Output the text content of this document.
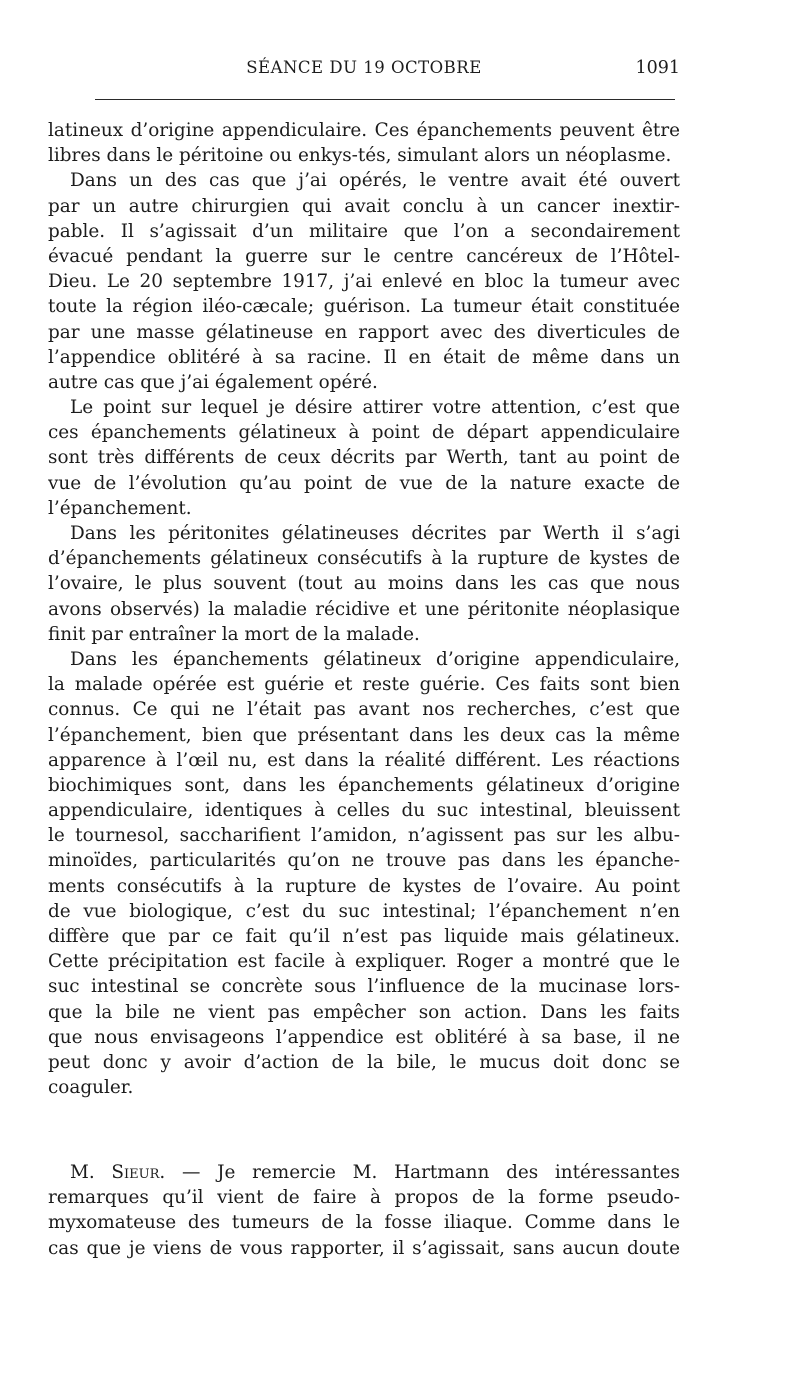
SÉANCE DU 19 OCTOBRE	1091
latineux d’origine appendiculaire. Ces épanchements peuvent être
libres dans le péritoine ou enkys-tés, simulant alors un néoplasme.
Dans un des cas que j’ai opérés, le ventre avait été ouvert
par un autre chirurgien qui avait conclu à un cancer inextir-
pable. Il s’agissait d’un militaire que l’on a secondairement
évacué pendant la guerre sur le centre cancéreux de l’Hôtel-
Dieu. Le 20 septembre 1917, j’ai enlevé en bloc la tumeur avec
toute la région iléo-cæcale; guérison. La tumeur était constituée
par une masse gélatineuse en rapport avec des diverticules de
l’appendice oblitéré à sa racine. Il en était de même dans un
autre cas que j’ai également opéré.
Le point sur lequel je désire attirer votre attention, c’est que
ces épanchements gélatineux à point de départ appendiculaire
sont très différents de ceux décrits par Werth, tant au point de
vue de l’évolution qu’au point de vue de la nature exacte de
l’épanchement.
Dans les péritonites gélatineuses décrites par Werth il s’agi
d’épanchements gélatineux consécutifs à la rupture de kystes de
l’ovaire, le plus souvent (tout au moins dans les cas que nous
avons observés) la maladie récidive et une péritonite néoplasique
finit par entraîner la mort de la malade.
Dans les épanchements gélatineux d’origine appendiculaire,
la malade opérée est guérie et reste guérie. Ces faits sont bien
connus. Ce qui ne l’était pas avant nos recherches, c’est que
l’épanchement, bien que présentant dans les deux cas la même
apparence à l’œil nu, est dans la réalité différent. Les réactions
biochimiques sont, dans les épanchements gélatineux d’origine
appendiculaire, identiques à celles du suc intestinal, bleuissent
le tournesol, saccharifient l’amidon, n’agissent pas sur les albu-
minoïdes, particularités qu’on ne trouve pas dans les épanche-
ments consécutifs à la rupture de kystes de l’ovaire. Au point
de vue biologique, c’est du suc intestinal; l’épanchement n’en
diffère que par ce fait qu’il n’est pas liquide mais gélatineux.
Cette précipitation est facile à expliquer. Roger a montré que le
suc intestinal se concrète sous l’influence de la mucinase lors-
que la bile ne vient pas empêcher son action. Dans les faits
que nous envisageons l’appendice est oblitéré à sa base, il ne
peut donc y avoir d’action de la bile, le mucus doit donc se
coaguler.
M. Sieur. — Je remercie M. Hartmann des intéressantes
remarques qu’il vient de faire à propos de la forme pseudo-
myxomateuse des tumeurs de la fosse iliaque. Comme dans le
cas que je viens de vous rapporter, il s’agissait, sans aucun doute
